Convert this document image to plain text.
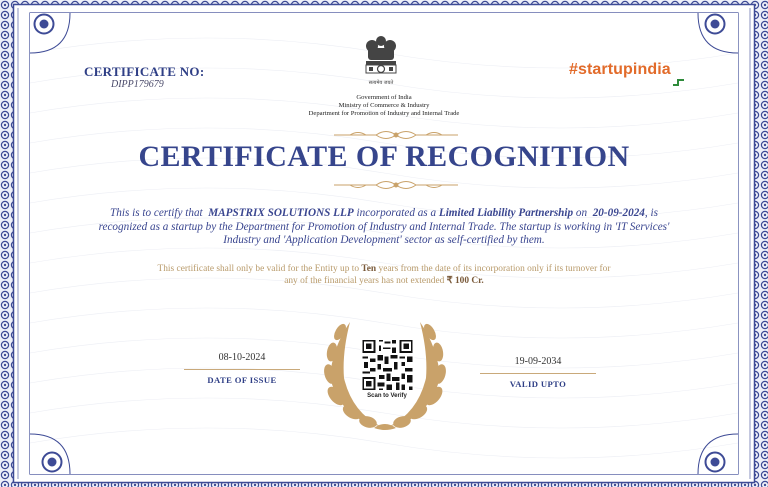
CERTIFICATE NO:
DIPP179679	सत्यमेव जयते
Government of India
Ministry of Commerce & Industry
Department for Promotion of Industry and Internal Trade
#startupindia
CERTIFICATE OF RECOGNITION
This is to certify that MAPSTRIX SOLUTIONS LLP incorporated as a Limited Liability Partnership on 20-09-2024, is recognized as a startup by the Department for Promotion of Industry and Internal Trade. The startup is working in 'IT Services' Industry and 'Application Development' sector as self-certified by them.
This certificate shall only be valid for the Entity up to Ten years from the date of its incorporation only if its turnover for any of the financial years has not extended ₹ 100 Cr.
08-10-2024
DATE OF ISSUE
19-09-2034
VALID UPTO
Scan to Verify
